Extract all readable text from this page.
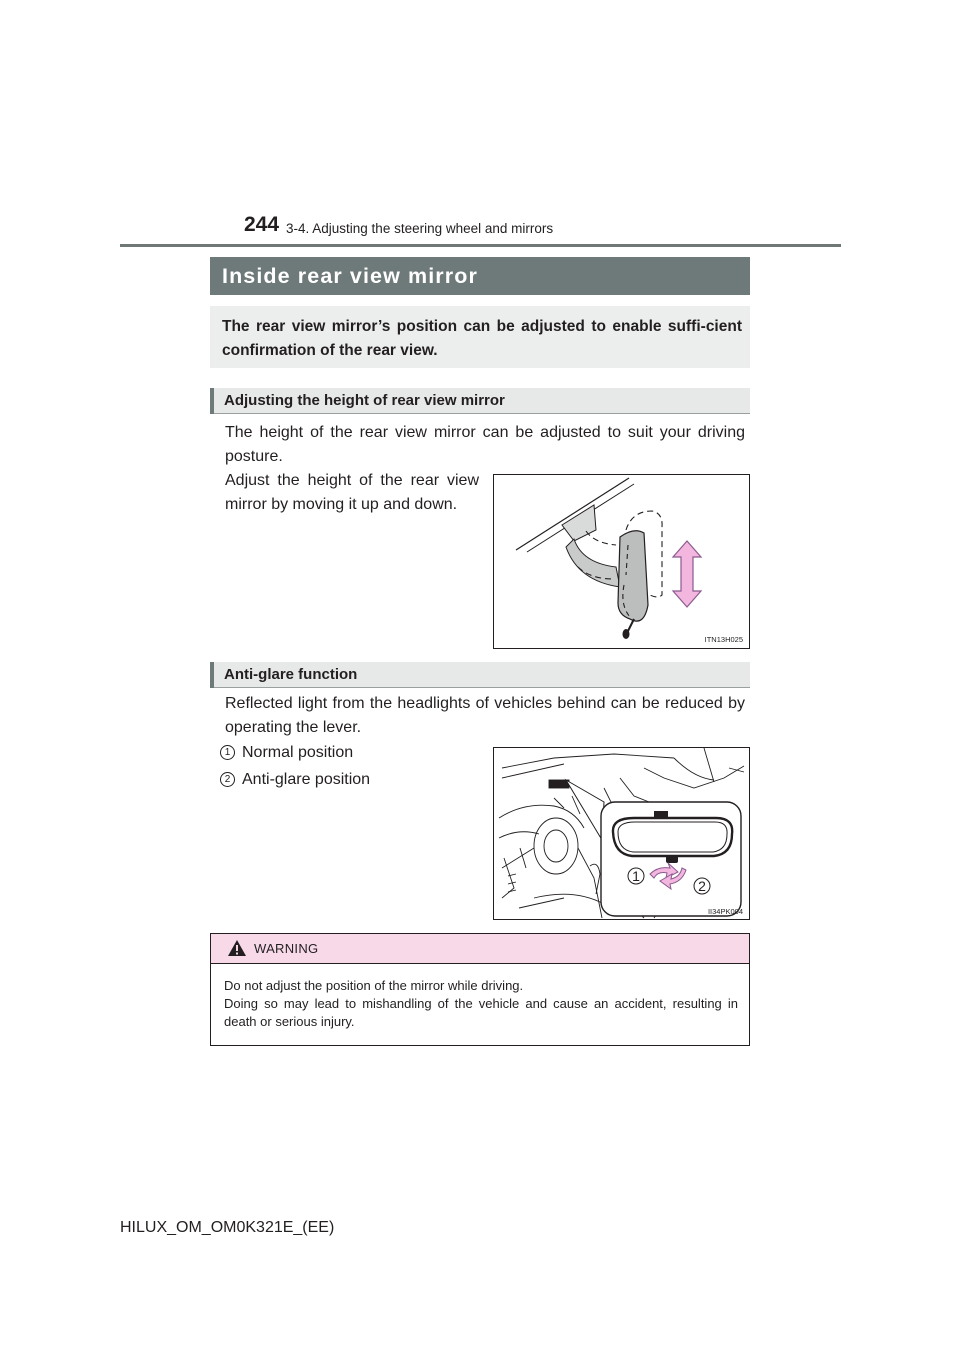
244 3-4. Adjusting the steering wheel and mirrors
Inside rear view mirror
The rear view mirror’s position can be adjusted to enable suffi-cient confirmation of the rear view.
Adjusting the height of rear view mirror
The height of the rear view mirror can be adjusted to suit your driving posture.
Adjust the height of the rear view mirror by moving it up and down.
ITN13H025
Anti-glare function
Reflected light from the headlights of vehicles behind can be reduced by operating the lever.
1 Normal position
2 Anti-glare position
1
2
II34PK004
WARNING
Do not adjust the position of the mirror while driving.
Doing so may lead to mishandling of the vehicle and cause an accident, resulting in death or serious injury.
HILUX_OM_OM0K321E_(EE)
